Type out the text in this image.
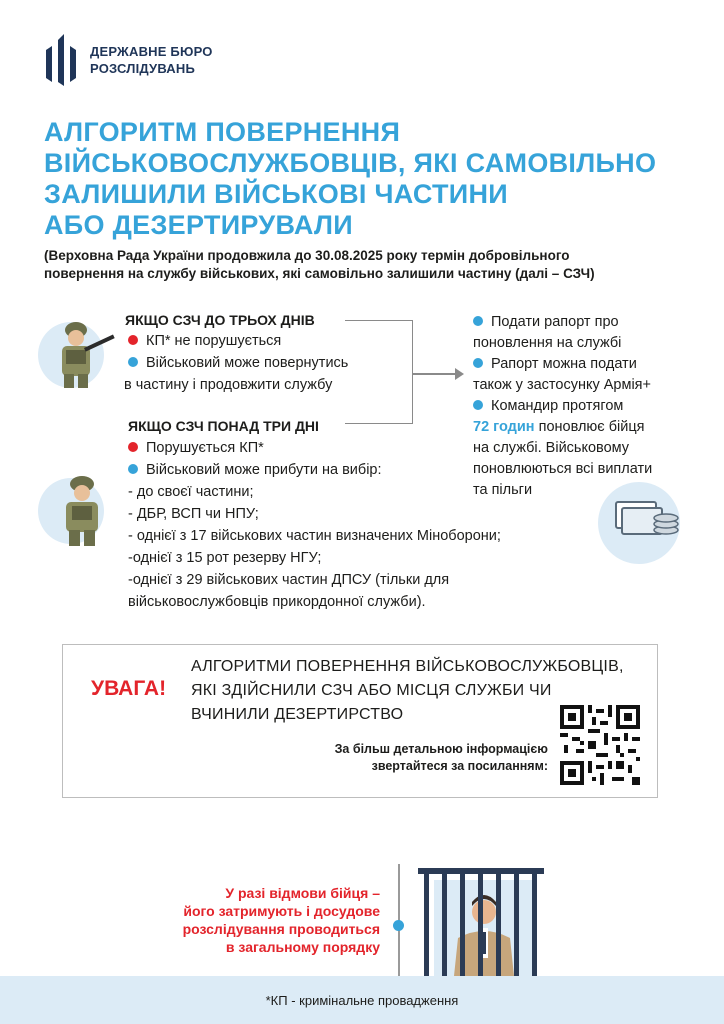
ДЕРЖАВНЕ БЮРО
РОЗСЛІДУВАНЬ
АЛГОРИТМ ПОВЕРНЕННЯ
ВІЙСЬКОВОСЛУЖБОВЦІВ, ЯКІ САМОВІЛЬНО
ЗАЛИШИЛИ ВІЙСЬКОВІ ЧАСТИНИ
АБО ДЕЗЕРТИРУВАЛИ
(Верховна Рада України продовжила до 30.08.2025 року термін добровільного
повернення на службу військових, які самовільно залишили частину (далі – СЗЧ)
ЯКЩО СЗЧ ДО ТРЬОХ ДНІВ
КП* не порушується
Військовий може повернутись
в частину і продовжити службу
ЯКЩО СЗЧ ПОНАД ТРИ ДНІ
Порушується КП*
Військовий може прибути на вибір:
- до своєї частини;
- ДБР, ВСП чи НПУ;
- однієї з 17 військових частин визначених Міноборони;
-однієї з 15 рот резерву НГУ;
-однієї з 29 військових частин ДПСУ (тільки для
військовослужбовців прикордонної служби).
Подати рапорт про
поновлення на службі
Рапорт можна подати
також у застосунку Армія+
Командир протягом
72 годин поновлює бійця
на службі. Військовому
поновлюються всі виплати
та пільги
УВАГА!
АЛГОРИТМИ ПОВЕРНЕННЯ ВІЙСЬКОВОСЛУЖБОВЦІВ,
ЯКІ ЗДІЙСНИЛИ СЗЧ АБО МІСЦЯ СЛУЖБИ ЧИ
ВЧИНИЛИ ДЕЗЕРТИРСТВО
За більш детальною інформацією
звертайтеся за посиланням:
У разі відмови бійця –
його затримують і досудове
розслідування проводиться
в загальному порядку
*КП - кримінальне провадження
